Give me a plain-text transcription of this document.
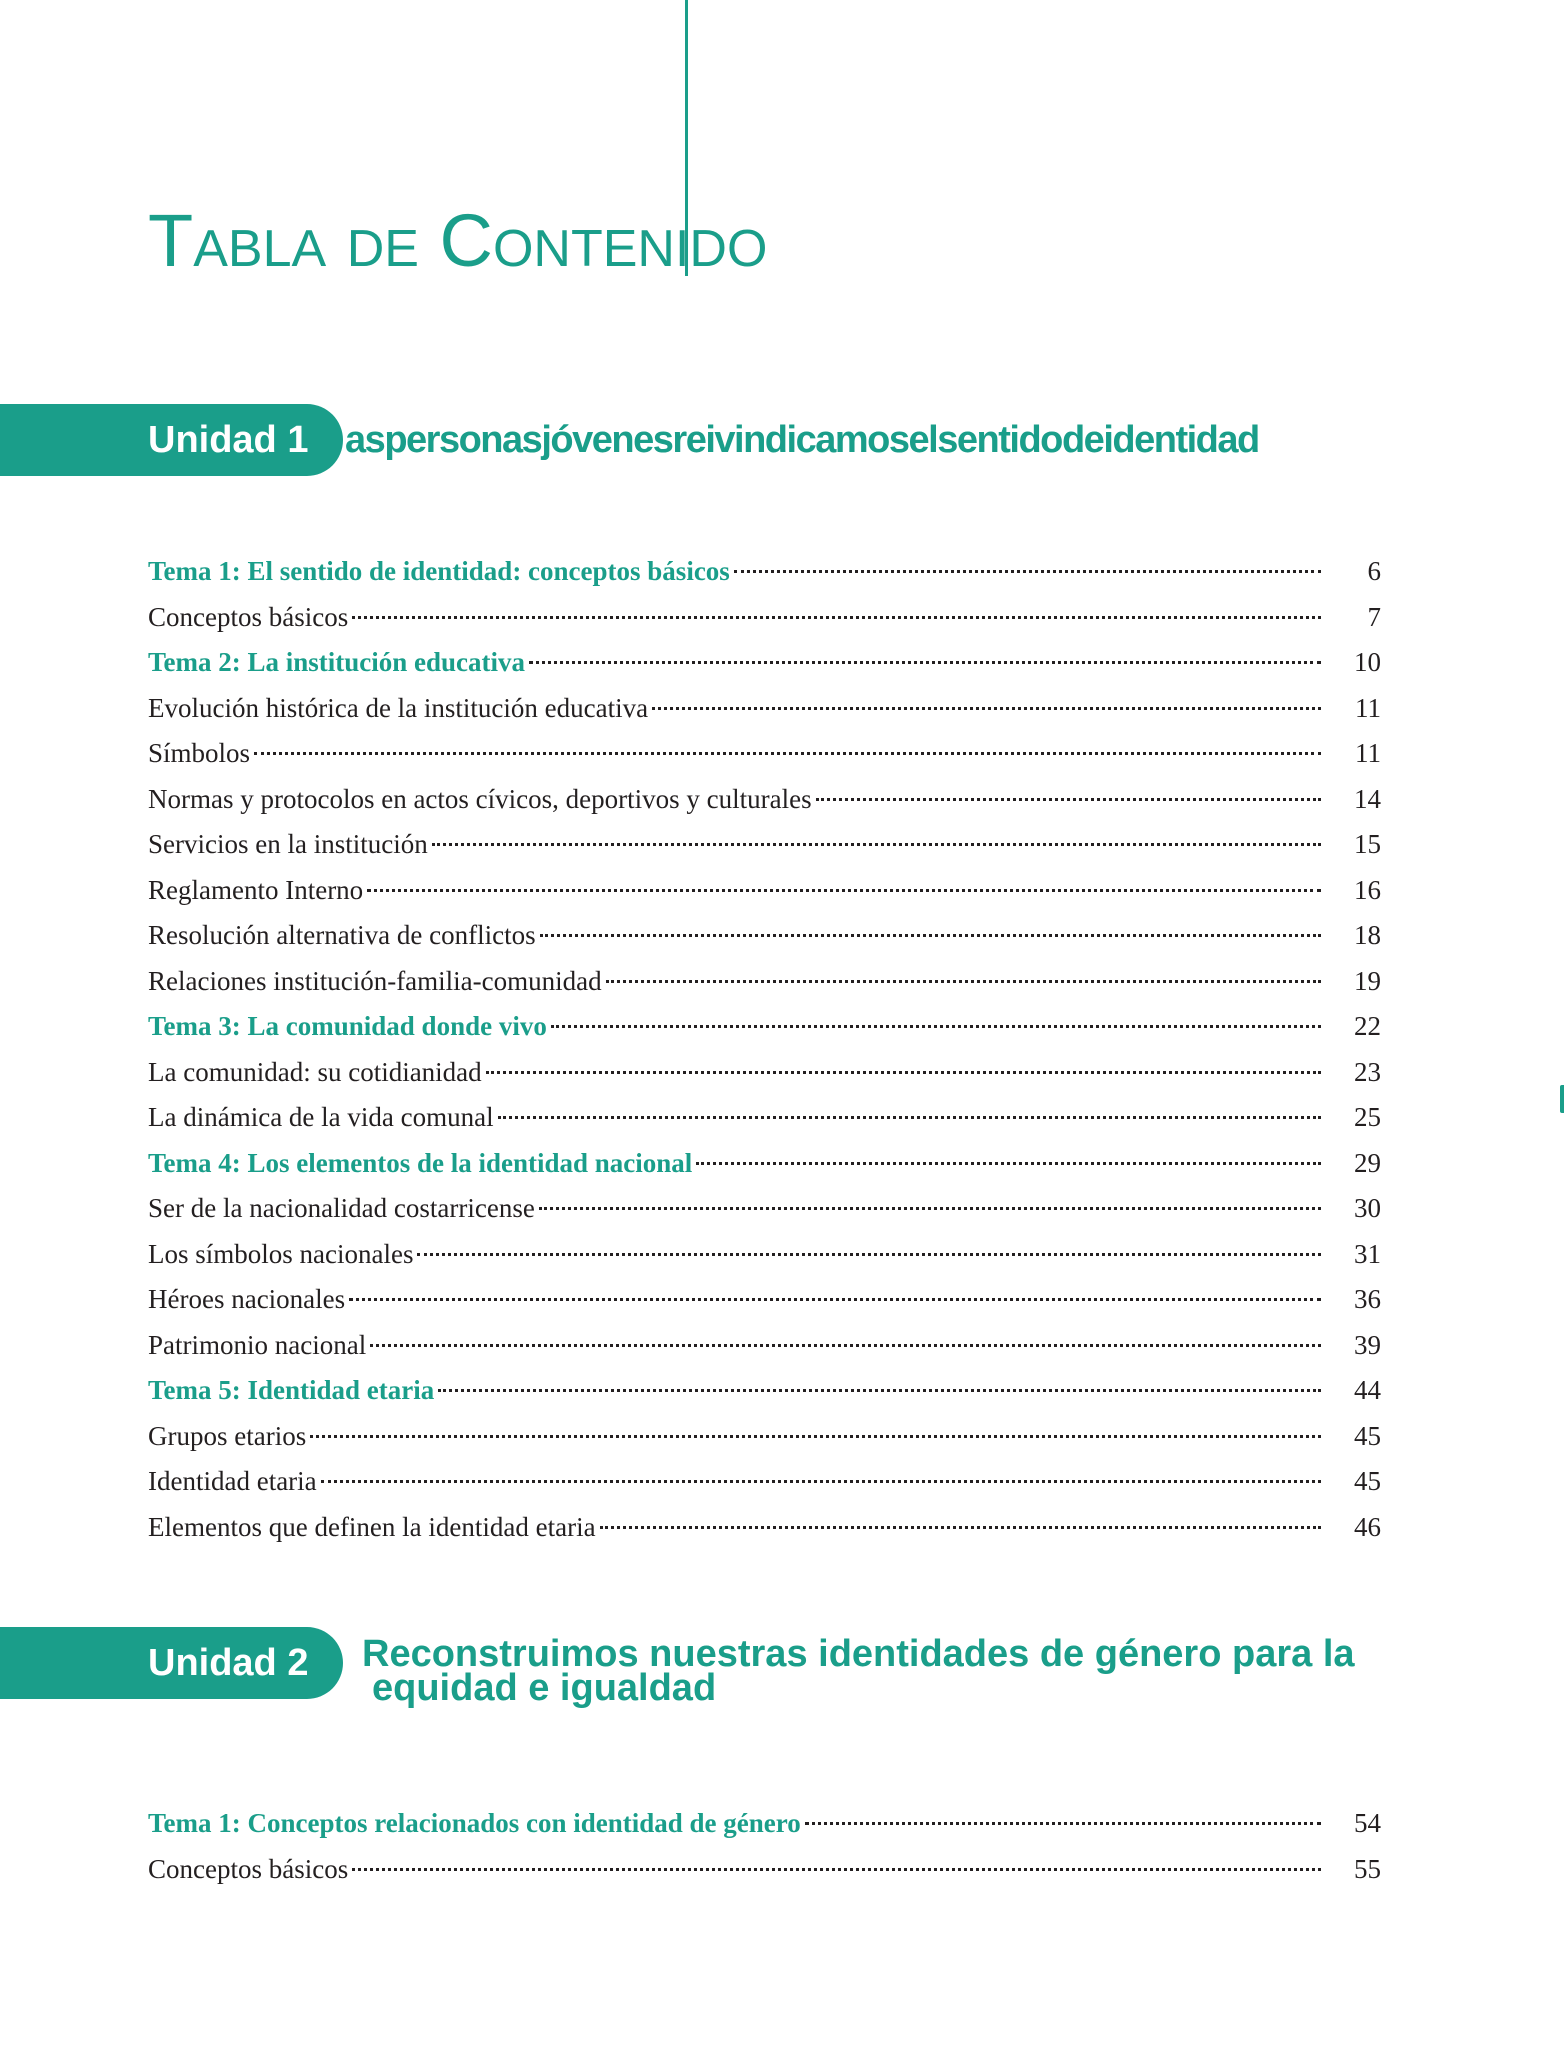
Tabla de Contenido
Unidad 1 as personas jóvenes reivindicamos el sentido de identidad
Tema 1: El sentido de identidad: conceptos básicos	6
Conceptos básicos	7
Tema 2: La institución educativa	10
Evolución histórica de la institución educativa	11
Símbolos	11
Normas y protocolos en actos cívicos, deportivos y culturales	14
Servicios en la institución	15
Reglamento Interno	16
Resolución alternativa de conflictos	18
Relaciones institución-familia-comunidad	19
Tema 3: La comunidad donde vivo	22
La comunidad: su cotidianidad	23
La dinámica de la vida comunal	25
Tema 4: Los elementos de la identidad nacional	29
Ser de la nacionalidad costarricense	30
Los símbolos nacionales	31
Héroes nacionales	36
Patrimonio nacional	39
Tema 5: Identidad etaria	44
Grupos etarios	45
Identidad etaria	45
Elementos que definen la identidad etaria	46
Unidad 2 Reconstruimos nuestras identidades de género para la
equidad e igualdad
Tema 1: Conceptos relacionados con identidad de género	54
Conceptos básicos	55
